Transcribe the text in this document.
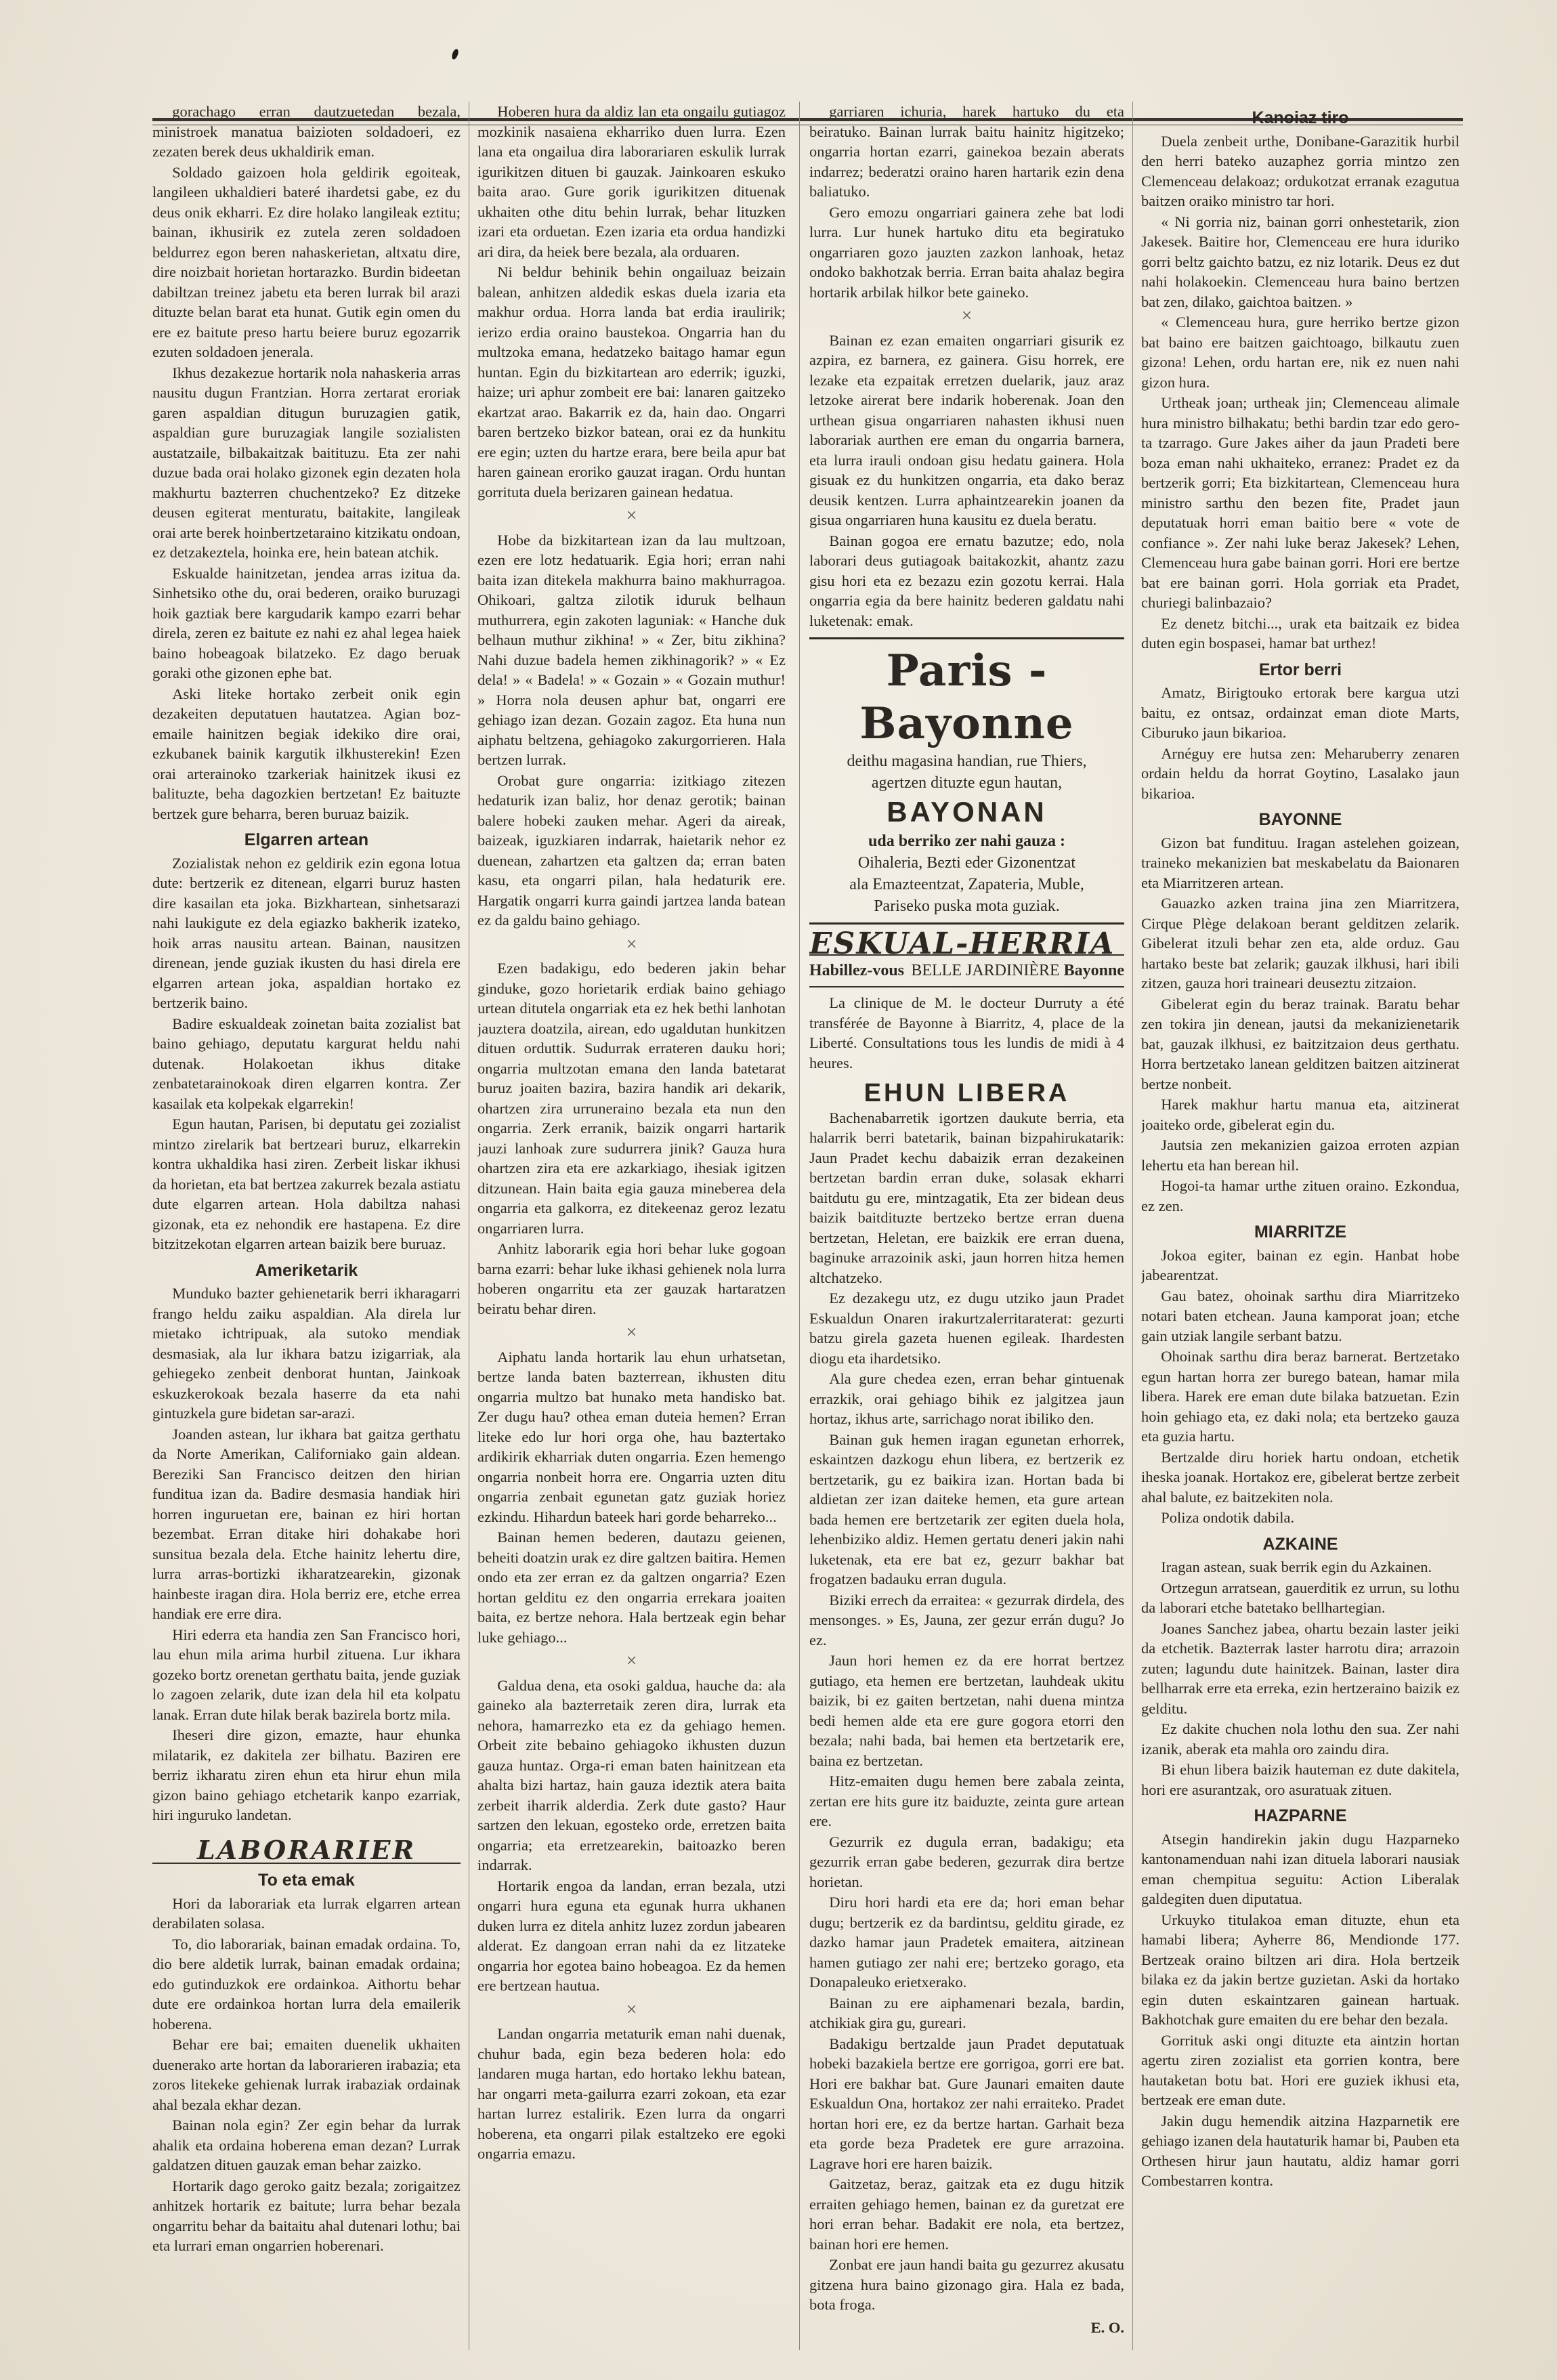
gorachago erran dautzuetedan bezala, ministroek manatua baizioten soldadoeri, ez zezaten berek deus ukhaldirik eman.

Soldado gaizoen hola geldirik egoiteak, langileen ukhaldieri bateré ihardetsi gabe, ez du deus onik ekharri. Ez dire holako langileak eztitu; bainan, ikhusirik ez zutela zeren soldadoen beldurrez egon beren nahaskerietan, altxatu dire, dire noizbait horietan hortarazko. Burdin bideetan dabiltzan treinez jabetu eta beren lurrak bil arazi dituzte belan barat eta hunat. Gutik egin omen du ere ez baitute preso hartu beiere buruz egozarrik ezuten soldadoen jenerala.

Ikhus dezakezue hortarik nola nahaskeria arras nausitu dugun Frantzian. Horra zertarat eroriak garen aspaldian ditugun buruzagien gatik, aspaldian gure buruzagiak langile sozialisten austatzaile, bilbakaitzak baitituzu. Eta zer nahi duzue bada orai holako gizonek egin dezaten hola makhurtu bazterren chuchentzeko? Ez ditzeke deusen egiterat menturatu, baitakite, langileak orai arte berek hoinbertzetaraino kitzikatu ondoan, ez detzakeztela, hoinka ere, hein batean atchik.

Eskualde hainitzetan, jendea arras izitua da. Sinhetsiko othe du, orai bederen, oraiko buruzagi hoik gaztiak bere kargudarik kampo ezarri behar direla, zeren ez baitute ez nahi ez ahal legea haiek baino hobeagoak bilatzeko. Ez dago beruak goraki othe gizonen ephe bat.

Aski liteke hortako zerbeit onik egin dezakeiten deputatuen hautatzea. Agian boz-emaile hainitzen begiak idekiko dire orai, ezkubanek bainik kargutik ilkhusterekin! Ezen orai arterainoko tzarkeriak hainitzek ikusi ez balituzte, beha dagozkien bertzetan! Ez baituzte bertzek gure beharra, beren buruaz baizik.

Elgarren artean

Zozialistak nehon ez geldirik ezin egona lotua dute: bertzerik ez ditenean, elgarri buruz hasten dire kasailan eta joka. Bizkhartean, sinhetsarazi nahi laukigute ez dela egiazko bakherik izateko, hoik arras nausitu artean. Bainan, nausitzen direnean, jende guziak ikusten du hasi direla ere elgarren artean joka, aspaldian hortako ez bertzerik baino.

Badire eskualdeak zoinetan baita zozialist bat baino gehiago, deputatu kargurat heldu nahi dutenak. Holakoetan ikhus ditake zenbatetarainokoak diren elgarren kontra. Zer kasailak eta kolpekak elgarrekin!

Egun hautan, Parisen, bi deputatu gei zozialist mintzo zirelarik bat bertzeari buruz, elkarrekin kontra ukhaldika hasi ziren. Zerbeit liskar ikhusi da horietan, eta bat bertzea zakurrek bezala astiatu dute elgarren artean. Hola dabiltza nahasi gizonak, eta ez nehondik ere hastapena. Ez dire bitzitzekotan elgarren artean baizik bere buruaz.

Ameriketarik

Munduko bazter gehienetarik berri ikharagarri frango heldu zaiku aspaldian. Ala direla lur mietako ichtripuak, ala sutoko mendiak desmasiak, ala lur ikhara batzu izigarriak, ala gehiegeko zenbeit denborat huntan, Jainkoak eskuzkerokoak bezala haserre da eta nahi gintuzkela gure bidetan sar-arazi.

Joanden astean, lur ikhara bat gaitza gerthatu da Norte Amerikan, Californiako gain aldean. Bereziki San Francisco deitzen den hirian funditua izan da. Badire desmasia handiak hiri horren inguruetan ere, bainan ez hiri hortan bezembat. Erran ditake hiri dohakabe hori sunsitua bezala dela. Etche hainitz lehertu dire, lurra arras-bortizki ikharatzearekin, gizonak hainbeste iragan dira. Hola berriz ere, etche errea handiak ere erre dira.

Hiri ederra eta handia zen San Francisco hori, lau ehun mila arima hurbil zituena. Lur ikhara gozeko bortz orenetan gerthatu baita, jende guziak lo zagoen zelarik, dute izan dela hil eta kolpatu lanak. Erran dute hilak berak bazirela bortz mila.

Iheseri dire gizon, emazte, haur ehunka milatarik, ez dakitela zer bilhatu. Baziren ere berriz ikharatu ziren ehun eta hirur ehun mila gizon baino gehiago etchetarik kanpo ezarriak, hiri inguruko landetan.

LABORARIER
To eta emak

Hori da laborariak eta lurrak elgarren artean derabilaten solasa.

To, dio laborariak, bainan emadak ordaina. To, dio bere aldetik lurrak, bainan emadak ordaina; edo gutinduzkok ere ordainkoa. Aithortu behar dute ere ordainkoa hortan lurra dela emailerik hoberena.

Behar ere bai; emaiten duenelik ukhaiten duenerako arte hortan da laborarieren irabazia; eta zoros litekeke gehienak lurrak irabaziak ordainak ahal bezala ekhar dezan.

Bainan nola egin? Zer egin behar da lurrak ahalik eta ordaina hoberena eman dezan? Lurrak galdatzen dituen gauzak eman behar zaizko.

Hortarik dago geroko gaitz bezala; zorigaitzez anhitzek hortarik ez baitute; lurra behar bezala ongarritu behar da baitaitu ahal dutenari lothu; bai eta lurrari eman ongarrien hoberenari.

Hoberen hura da aldiz lan eta ongailu gutiagoz mozkinik nasaiena ekharriko duen lurra. Ezen lana eta ongailua dira laborariaren eskulik lurrak igurikitzen dituen bi gauzak. Jainkoaren eskuko baita arao. Gure gorik igurikitzen dituenak ukhaiten othe ditu behin lurrak, behar lituzken izari eta orduetan. Ezen izaria eta ordua handizki ari dira, da heiek bere bezala, ala orduaren.

Ni beldur behinik behin ongailuaz beizain balean, anhitzen aldedik eskas duela izaria eta makhur ordua. Horra landa bat erdia iraulirik; ierizo erdia oraino baustekoa. Ongarria han du multzoka emana, hedatzeko baitago hamar egun huntan. Egin du bizkitartean aro ederrik; iguzki, haize; uri aphur zombeit ere bai: lanaren gaitzeko ekartzat arao. Bakarrik ez da, hain dao. Ongarri baren bertzeko bizkor batean, orai ez da hunkitu ere egin; uzten du hartze erara, bere beila apur bat haren gainean eroriko gauzat iragan. Ordu huntan gorrituta duela berizaren gainean hedatua.

×

Hobe da bizkitartean izan da lau multzoan, ezen ere lotz hedatuarik. Egia hori; erran nahi baita izan ditekela makhurra baino makhurragoa. Ohikoari, galtza zilotik iduruk belhaun muthurrera, egin zakoten laguniak: « Hanche duk belhaun muthur zikhina! » « Zer, bitu zikhina? Nahi duzue badela hemen zikhinagorik? » « Ez dela! » « Badela! » « Gozain » « Gozain muthur! » Horra nola deusen aphur bat, ongarri ere gehiago izan dezan. Gozain zagoz. Eta huna nun aiphatu beltzena, gehiagoko zakurgorrieren. Hala bertzen lurrak.

Orobat gure ongarria: izitkiago zitezen hedaturik izan baliz, hor denaz gerotik; bainan balere hobeki zauken mehar. Ageri da aireak, baizeak, iguzkiaren indarrak, haietarik nehor ez duenean, zahartzen eta galtzen da; erran baten kasu, eta ongarri pilan, hala hedaturik ere. Hargatik ongarri kurra gaindi jartzea landa batean ez da galdu baino gehiago.

×

Ezen badakigu, edo bederen jakin behar ginduke, gozo horietarik erdiak baino gehiago urtean ditutela ongarriak eta ez hek bethi lanhotan jauztera doatzila, airean, edo ugaldutan hunkitzen dituen orduttik. Sudurrak errateren dauku hori; ongarria multzotan emana den landa batetarat buruz joaiten bazira, bazira handik ari dekarik, ohartzen zira urruneraino bezala eta nun den ongarria. Zerk erranik, baizik ongarri hartarik jauzi lanhoak zure sudurrera jinik? Gauza hura ohartzen zira eta ere azkarkiago, ihesiak igitzen ditzunean. Hain baita egia gauza mineberea dela ongarria eta galkorra, ez ditekeenaz geroz lezatu ongarriaren lurra.

Anhitz laborarik egia hori behar luke gogoan barna ezarri: behar luke ikhasi gehienek nola lurra hoberen ongarritu eta zer gauzak hartaratzen beiratu behar diren.

×

Aiphatu landa hortarik lau ehun urhatsetan, bertze landa baten bazterrean, ikhusten ditu ongarria multzo bat hunako meta handisko bat. Zer dugu hau? othea eman duteia hemen? Erran liteke edo lur hori orga ohe, hau baztertako ardikirik ekharriak duten ongarria. Ezen hemengo ongarria nonbeit horra ere. Ongarria uzten ditu ongarria zenbait egunetan gatz guziak horiez ezkindu. Hihardun bateek hari gorde beharreko...

Bainan hemen bederen, dautazu geienen, beheiti doatzin urak ez dire galtzen baitira. Hemen ondo eta zer erran ez da galtzen ongarria? Ezen hortan gelditu ez den ongarria errekara joaiten baita, ez bertze nehora. Hala bertzeak egin behar luke gehiago...

×

Galdua dena, eta osoki galdua, hauche da: ala gaineko ala bazterretaik zeren dira, lurrak eta nehora, hamarrezko eta ez da gehiago hemen. Orbeit zite bebaino gehiagoko ikhusten duzun gauza huntaz. Orga-ri eman baten hainitzean eta ahalta bizi hartaz, hain gauza ideztik atera baita zerbeit iharrik alderdia. Zerk dute gasto? Haur sartzen den lekuan, egosteko orde, erretzen baita ongarria; eta erretzearekin, baitoazko beren indarrak.

Hortarik engoa da landan, erran bezala, utzi ongarri hura eguna eta egunak hurra ukhanen duken lurra ez ditela anhitz luzez zordun jabearen alderat. Ez dangoan erran nahi da ez litzateke ongarria hor egotea baino hobeagoa. Ez da hemen ere bertzean hautua.

×

Landan ongarria metaturik eman nahi duenak, chuhur bada, egin beza bederen hola: edo landaren muga hartan, edo hortako lekhu batean, har ongarri meta-gailurra ezarri zokoan, eta ezar hartan lurrez estalirik. Ezen lurra da ongarri hoberena, eta ongarri pilak estaltzeko ere egoki ongarria emazu.

garriaren ichuria, harek hartuko du eta beiratuko. Bainan lurrak baitu hainitz higitzeko; ongarria hortan ezarri, gainekoa bezain aberats indarrez; bederatzi oraino haren hartarik ezin dena baliatuko.

Gero emozu ongarriari gainera zehe bat lodi lurra. Lur hunek hartuko ditu eta begiratuko ongarriaren gozo jauzten zazkon lanhoak, hetaz ondoko bakhotzak berria. Erran baita ahalaz begira hortarik arbilak hilkor bete gaineko.

×

Bainan ez ezan emaiten ongarriari gisurik ez azpira, ez barnera, ez gainera. Gisu horrek, ere lezake eta ezpaitak erretzen duelarik, jauz araz letzoke airerat bere indarik hoberenak. Joan den urthean gisua ongarriaren nahasten ikhusi nuen laborariak aurthen ere eman du ongarria barnera, eta lurra irauli ondoan gisu hedatu gainera. Hola gisuak ez du hunkitzen ongarria, eta dako beraz deusik kentzen. Lurra aphaintzearekin joanen da gisua ongarriaren huna kausitu ez duela beratu.

Bainan gogoa ere ernatu bazutze; edo, nola laborari deus gutiagoak baitakozkit, ahantz zazu gisu hori eta ez bezazu ezin gozotu kerrai. Hala ongarria egia da bere hainitz bederen galdatu nahi luketenak: emak.

Paris - Bayonne
deithu magasina handian, rue Thiers,
agertzen dituzte egun hautan,
BAYONAN
uda berriko zer nahi gauza :
Oihaleria, Bezti eder Gizonentzat
ala Emazteentzat, Zapateria, Muble,
Pariseko puska mota guziak.
ESKUAL-HERRIA
Habillez-vous BELLE JARDINIÈRE Bayonne

La clinique de M. le docteur Durruty a été transférée de Bayonne à Biarritz, 4, place de la Liberté. Consultations tous les lundis de midi à 4 heures.

EHUN LIBERA

Bachenabarretik igortzen daukute berria, eta halarrik berri batetarik, bainan bizpahirukatarik: Jaun Pradet kechu dabaizik erran dezakeinen bertzetan bardin erran duke, solasak ekharri baitdutu gu ere, mintzagatik, Eta zer bidean deus baizik baitdituzte bertzeko bertze erran duena bertzetan, Heletan, ere baizkik ere erran duena, baginuke arrazoinik aski, jaun horren hitza hemen altchatzeko.

Ez dezakegu utz, ez dugu utziko jaun Pradet Eskualdun Onaren irakurtzalerritaraterat: gezurti batzu girela gazeta huenen egileak. Ihardesten diogu eta ihardetsiko.

Ala gure chedea ezen, erran behar gintuenak errazkik, orai gehiago bihik ez jalgitzea jaun hortaz, ikhus arte, sarrichago norat ibiliko den.

Bainan guk hemen iragan egunetan erhorrek, eskaintzen dazkogu ehun libera, ez bertzerik ez bertzetarik, gu ez baikira izan. Hortan bada bi aldietan zer izan daiteke hemen, eta gure artean bada hemen ere bertzetarik zer egiten duela hola, lehenbiziko aldiz. Hemen gertatu deneri jakin nahi luketenak, eta ere bat ez, gezurr bakhar bat frogatzen badauku erran dugula.

Biziki errech da erraitea: « gezurrak dirdela, des mensonges. » Es, Jauna, zer gezur errán dugu? Jo ez.

Jaun hori hemen ez da ere horrat bertzez gutiago, eta hemen ere bertzetan, lauhdeak ukitu baizik, bi ez gaiten bertzetan, nahi duena mintza bedi hemen alde eta ere gure gogora etorri den bezala; nahi bada, bai hemen eta bertzetarik ere, baina ez bertzetan.

Hitz-emaiten dugu hemen bere zabala zeinta, zertan ere hits gure itz baiduzte, zeinta gure artean ere.

Gezurrik ez dugula erran, badakigu; eta gezurrik erran gabe bederen, gezurrak dira bertze horietan.

Diru hori hardi eta ere da; hori eman behar dugu; bertzerik ez da bardintsu, gelditu girade, ez dazko hamar jaun Pradetek emaitera, aitzinean hamen gutiago zer nahi ere; bertzeko gorago, eta Donapaleuko erietxerako.

Bainan zu ere aiphamenari bezala, bardin, atchikiak gira gu, gureari.

Badakigu bertzalde jaun Pradet deputatuak hobeki bazakiela bertze ere gorrigoa, gorri ere bat. Hori ere bakhar bat. Gure Jaunari emaiten daute Eskualdun Ona, hortakoz zer nahi erraiteko. Pradet hortan hori ere, ez da bertze hartan. Garhait beza eta gorde beza Pradetek ere gure arrazoina. Lagrave hori ere haren baizik.

Gaitzetaz, beraz, gaitzak eta ez dugu hitzik erraiten gehiago hemen, bainan ez da guretzat ere hori erran behar. Badakit ere nola, eta bertzez, bainan hori ere hemen.

Zonbat ere jaun handi baita gu gezurrez akusatu gitzena hura baino gizonago gira. Hala ez bada, bota froga.

E. O.
Kanoiaz tiro

Duela zenbeit urthe, Donibane-Garazitik hurbil den herri bateko auzaphez gorria mintzo zen Clemenceau delakoaz; ordukotzat erranak ezagutua baitzen oraiko ministro tar hori.

« Ni gorria niz, bainan gorri onhestetarik, zion Jakesek. Baitire hor, Clemenceau ere hura iduriko gorri beltz gaichto batzu, ez niz lotarik. Deus ez dut nahi holakoekin. Clemenceau hura baino bertzen bat zen, dilako, gaichtoa baitzen. »

« Clemenceau hura, gure herriko bertze gizon bat baino ere baitzen gaichtoago, bilkautu zuen gizona! Lehen, ordu hartan ere, nik ez nuen nahi gizon hura.

Urtheak joan; urtheak jin; Clemenceau alimale hura ministro bilhakatu; bethi bardin tzar edo gero-ta tzarrago. Gure Jakes aiher da jaun Pradeti bere boza eman nahi ukhaiteko, erranez: Pradet ez da bertzerik gorri; Eta bizkitartean, Clemenceau hura ministro sarthu den bezen fite, Pradet jaun deputatuak horri eman baitio bere « vote de confiance ». Zer nahi luke beraz Jakesek? Lehen, Clemenceau hura gabe bainan gorri. Hori ere bertze bat ere bainan gorri. Hola gorriak eta Pradet, churiegi balinbazaio?

Ez denetz bitchi..., urak eta baitzaik ez bidea duten egin bospasei, hamar bat urthez!

Ertor berri

Amatz, Birigtouko ertorak bere kargua utzi baitu, ez ontsaz, ordainzat eman diote Marts, Ciburuko jaun bikarioa.

Arnéguy ere hutsa zen: Meharuberry zenaren ordain heldu da horrat Goytino, Lasalako jaun bikarioa.

BAYONNE

Gizon bat fundituu. Iragan astelehen goizean, traineko mekanizien bat meskabelatu da Baionaren eta Miarritzeren artean.

Gauazko azken traina jina zen Miarritzera, Cirque Plège delakoan berant gelditzen zelarik. Gibelerat itzuli behar zen eta, alde orduz. Gau hartako beste bat zelarik; gauzak ilkhusi, hari ibili zitzen, gauza hori traineari deuseztu zitzaion.

Gibelerat egin du beraz trainak. Baratu behar zen tokira jin denean, jautsi da mekanizienetarik bat, gauzak ilkhusi, ez baitzitzaion deus gerthatu. Horra bertzetako lanean gelditzen baitzen aitzinerat bertze nonbeit.

Harek makhur hartu manua eta, aitzinerat joaiteko orde, gibelerat egin du.

Jautsia zen mekanizien gaizoa erroten azpian lehertu eta han berean hil.

Hogoi-ta hamar urthe zituen oraino. Ezkondua, ez zen.

MIARRITZE

Jokoa egiter, bainan ez egin. Hanbat hobe jabearentzat.

Gau batez, ohoinak sarthu dira Miarritzeko notari baten etchean. Jauna kamporat joan; etche gain utziak langile serbant batzu.

Ohoinak sarthu dira beraz barnerat. Bertzetako egun hartan horra zer burego batean, hamar mila libera. Harek ere eman dute bilaka batzuetan. Ezin hoin gehiago eta, ez daki nola; eta bertzeko gauza eta guzia hartu.

Bertzalde diru horiek hartu ondoan, etchetik iheska joanak. Hortakoz ere, gibelerat bertze zerbeit ahal balute, ez baitzekiten nola.

Poliza ondotik dabila.

AZKAINE

Iragan astean, suak berrik egin du Azkainen.

Ortzegun arratsean, gauerditik ez urrun, su lothu da laborari etche batetako bellhartegian.

Joanes Sanchez jabea, ohartu bezain laster jeiki da etchetik. Bazterrak laster harrotu dira; arrazoin zuten; lagundu dute hainitzek. Bainan, laster dira bellharrak erre eta erreka, ezin hertzeraino baizik ez gelditu.

Ez dakite chuchen nola lothu den sua. Zer nahi izanik, aberak eta mahla oro zaindu dira.

Bi ehun libera baizik hauteman ez dute dakitela, hori ere asurantzak, oro asuratuak zituen.

HAZPARNE

Atsegin handirekin jakin dugu Hazparneko kantonamenduan nahi izan dituela laborari nausiak eman chempitua seguitu: Action Liberalak galdegiten duen diputatua.

Urkuyko titulakoa eman dituzte, ehun eta hamabi libera; Ayherre 86, Mendionde 177. Bertzeak oraino biltzen ari dira. Hola bertzeik bilaka ez da jakin bertze guzietan. Aski da hortako egin duten eskaintzaren gainean hartuak. Bakhotchak gure emaiten du ere behar den bezala.

Gorrituk aski ongi dituzte eta aintzin hortan agertu ziren zozialist eta gorrien kontra, bere hautaketan botu bat. Hori ere guziek ikhusi eta, bertzeak ere eman dute.

Jakin dugu hemendik aitzina Hazparnetik ere gehiago izanen dela hautaturik hamar bi, Pauben eta Orthesen hirur jaun hautatu, aldiz hamar gorri Combestarren kontra.
